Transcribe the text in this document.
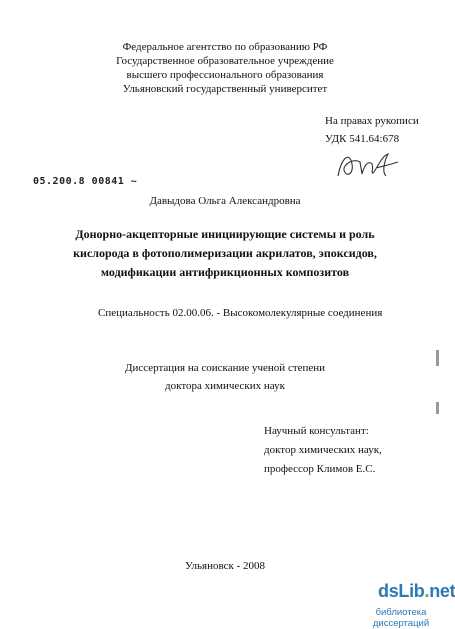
Федеральное агентство по образованию РФ
Государственное образовательное учреждение
высшего профессионального образования
Ульяновский государственный университет
На правах рукописи
УДК 541.64:678
05.200.8 00841 ~
Давыдова Ольга Александровна
Донорно-акцепторные инициирующие системы и роль
кислорода в фотополимеризации акрилатов, эпоксидов,
модификации антифрикционных композитов
Специальность 02.00.06. - Высокомолекулярные соединения
Диссертация на соискание ученой степени
доктора химических наук
Научный консультант:
доктор химических наук,
профессор Климов Е.С.
Ульяновск - 2008
dsLib.net
библиотека диссертаций
